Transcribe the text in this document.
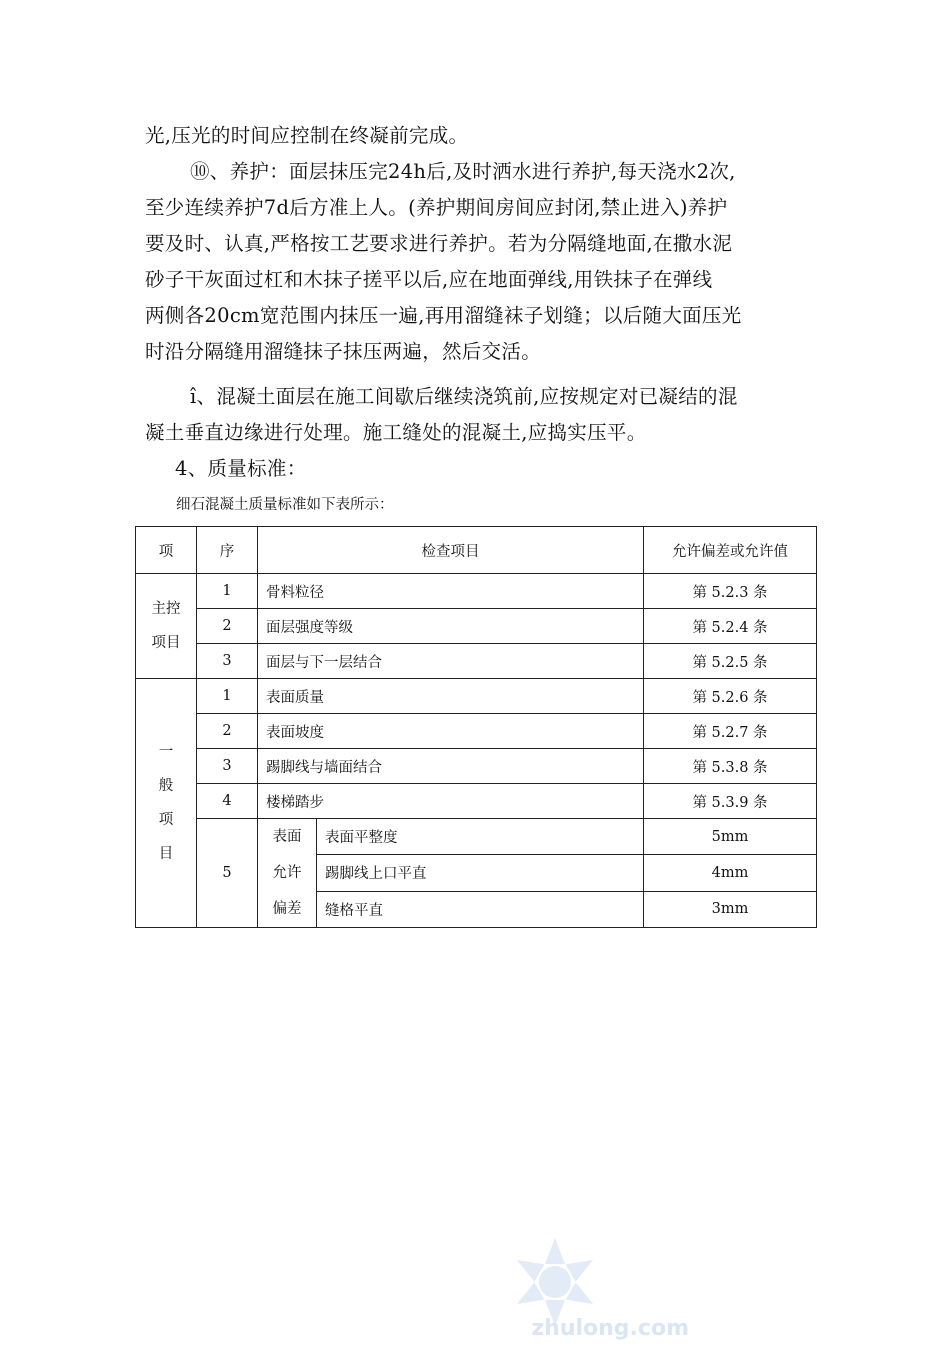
光,压光的时间应控制在终凝前完成。
⑩、养护：面层抹压完24h后,及时洒水进行养护,每天浇水2次,
至少连续养护7d后方准上人。(养护期间房间应封闭,禁止进入)养护
要及时、认真,严格按工艺要求进行养护。若为分隔缝地面,在撒水泥
砂子干灰面过杠和木抹子搓平以后,应在地面弹线,用铁抹子在弹线
两侧各20cm宽范围内抹压一遍,再用溜缝袜子划缝；以后随大面压光
时沿分隔缝用溜缝抹子抹压两遍，然后交活。
î、混凝土面层在施工间歇后继续浇筑前,应按规定对已凝结的混
凝土垂直边缘进行处理。施工缝处的混凝土,应捣实压平。
4、质量标准：
细石混凝土质量标准如下表所示：
项	序	检查项目		允许偏差或允许值

主控
项目	1	骨料粒径		第 5.2.3 条
	2	面层强度等级		第 5.2.4 条
	3	面层与下一层结合		第 5.2.5 条

一
般
项
目	1	表面质量		第 5.2.6 条
	2	表面坡度		第 5.2.7 条
	3	踢脚线与墙面结合		第 5.3.8 条
	4	楼梯踏步		第 5.3.9 条
	5	表面
允许
偏差	表面平整度	5mm
			踢脚线上口平直	4mm
			缝格平直	3mm
zhulong.com
